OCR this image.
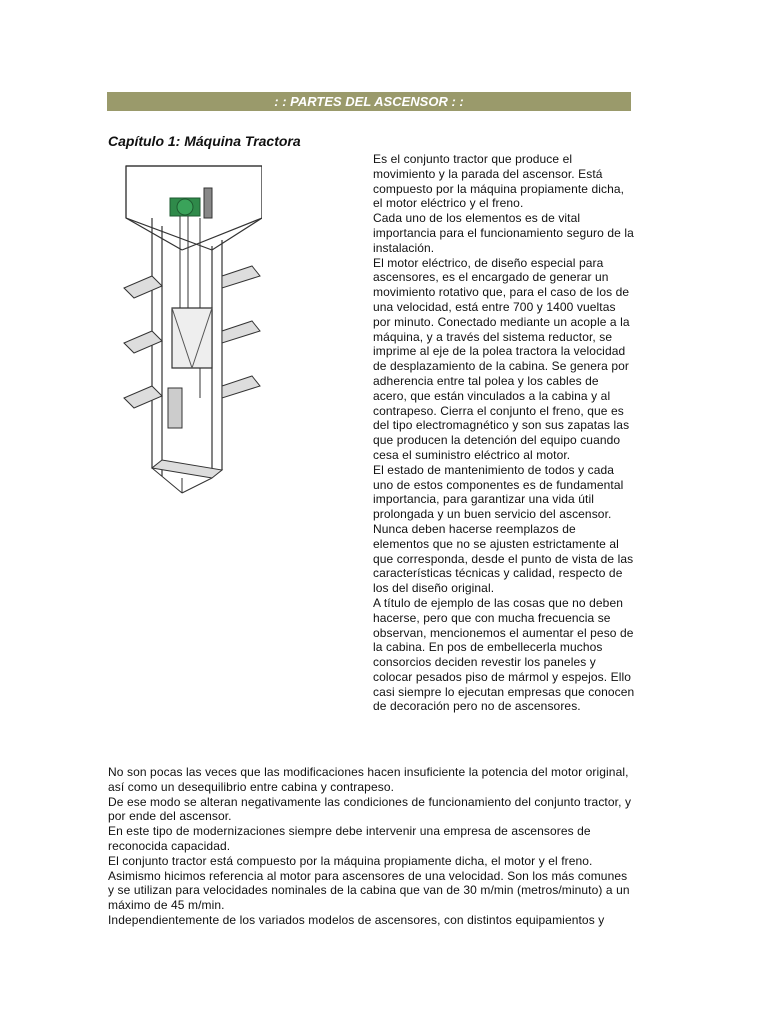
: : PARTES DEL ASCENSOR : :
Capítulo 1: Máquina Tractora

Es el conjunto tractor que produce el movimiento y la parada del ascensor. Está compuesto por la máquina propiamente dicha, el motor eléctrico y el freno.

Cada uno de los elementos es de vital importancia para el funcionamiento seguro de la instalación.

El motor eléctrico, de diseño especial para ascensores, es el encargado de generar un movimiento rotativo que, para el caso de los de una velocidad, está entre 700 y 1400 vueltas por minuto. Conectado mediante un acople a la máquina, y a través del sistema reductor, se imprime al eje de la polea tractora la velocidad de desplazamiento de la cabina. Se genera por adherencia entre tal polea y los cables de acero, que están vinculados a la cabina y al contrapeso. Cierra el conjunto el freno, que es del tipo electromagnético y son sus zapatas las que producen la detención del equipo cuando cesa el suministro eléctrico al motor.

El estado de mantenimiento de todos y cada uno de estos componentes es de fundamental importancia, para garantizar una vida útil prolongada y un buen servicio del ascensor.

Nunca deben hacerse reemplazos de elementos que no se ajusten estrictamente al que corresponda, desde el punto de vista de las características técnicas y calidad, respecto de los del diseño original.

A título de ejemplo de las cosas que no deben hacerse, pero que con mucha frecuencia se observan, mencionemos el aumentar el peso de la cabina. En pos de embellecerla muchos consorcios deciden revestir los paneles y colocar pesados piso de mármol y espejos. Ello casi siempre lo ejecutan empresas que conocen de decoración pero no de ascensores.

No son pocas las veces que las modificaciones hacen insuficiente la potencia del motor original, así como un desequilibrio entre cabina y contrapeso.

De ese modo se alteran negativamente las condiciones de funcionamiento del conjunto tractor, y por ende del ascensor.

En este tipo de modernizaciones siempre debe intervenir una empresa de ascensores de reconocida capacidad.

El conjunto tractor está compuesto por la máquina propiamente dicha, el motor y el freno. Asimismo hicimos referencia al motor para ascensores de una velocidad. Son los más comunes y se utilizan para velocidades nominales de la cabina que van de 30 m/min (metros/minuto) a un máximo de 45 m/min.

Independientemente de los variados modelos de ascensores, con distintos equipamientos y
